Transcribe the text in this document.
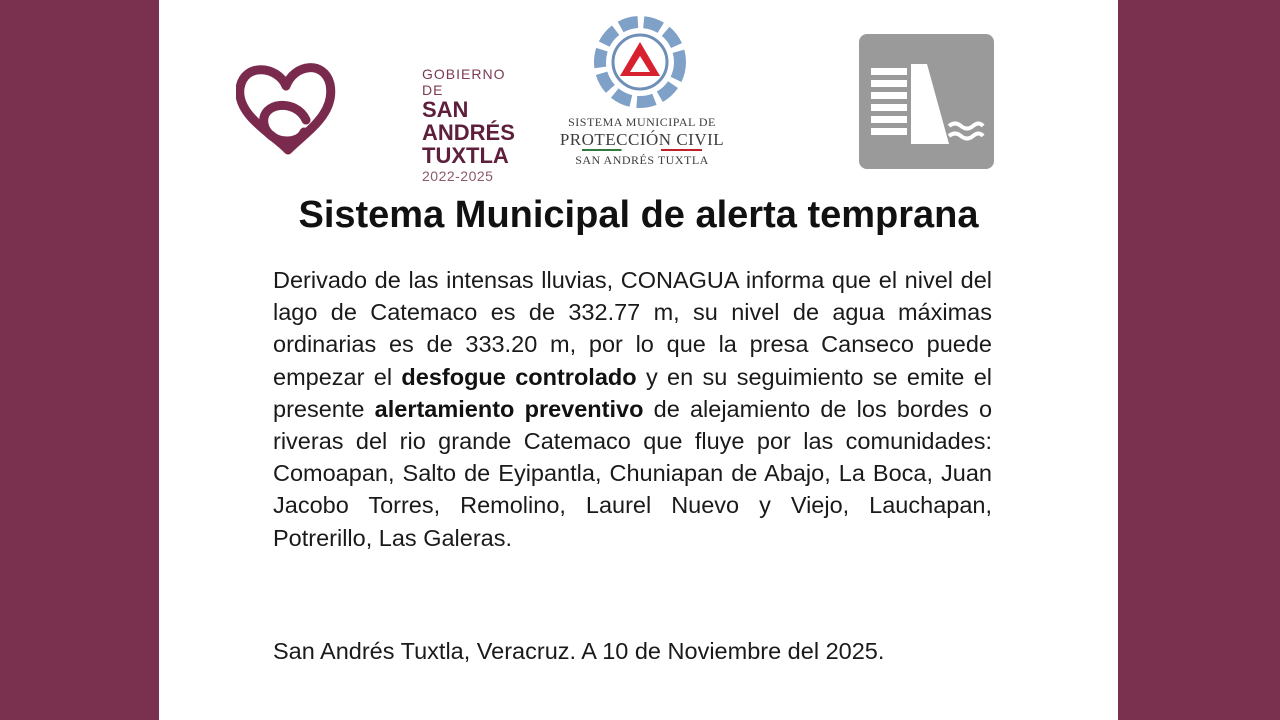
GOBIERNO DE
SAN ANDRÉS
TUXTLA
2022-2025
SISTEMA MUNICIPAL DE
PROTECCIÓN CIVIL
SAN ANDRÉS TUXTLA
Sistema Municipal de alerta temprana

Derivado de las intensas lluvias, CONAGUA informa que el nivel del lago de Catemaco es de 332.77 m, su nivel de agua máximas ordinarias es de 333.20 m, por lo que la presa Canseco puede empezar el desfogue controlado y en su seguimiento se emite el presente alertamiento preventivo de alejamiento de los bordes o riveras del rio grande Catemaco que fluye por las comunidades: Comoapan, Salto de Eyipantla, Chuniapan de Abajo, La Boca, Juan Jacobo Torres, Remolino, Laurel Nuevo y Viejo, Lauchapan, Potrerillo, Las Galeras.

San Andrés Tuxtla, Veracruz. A 10 de Noviembre del 2025.
